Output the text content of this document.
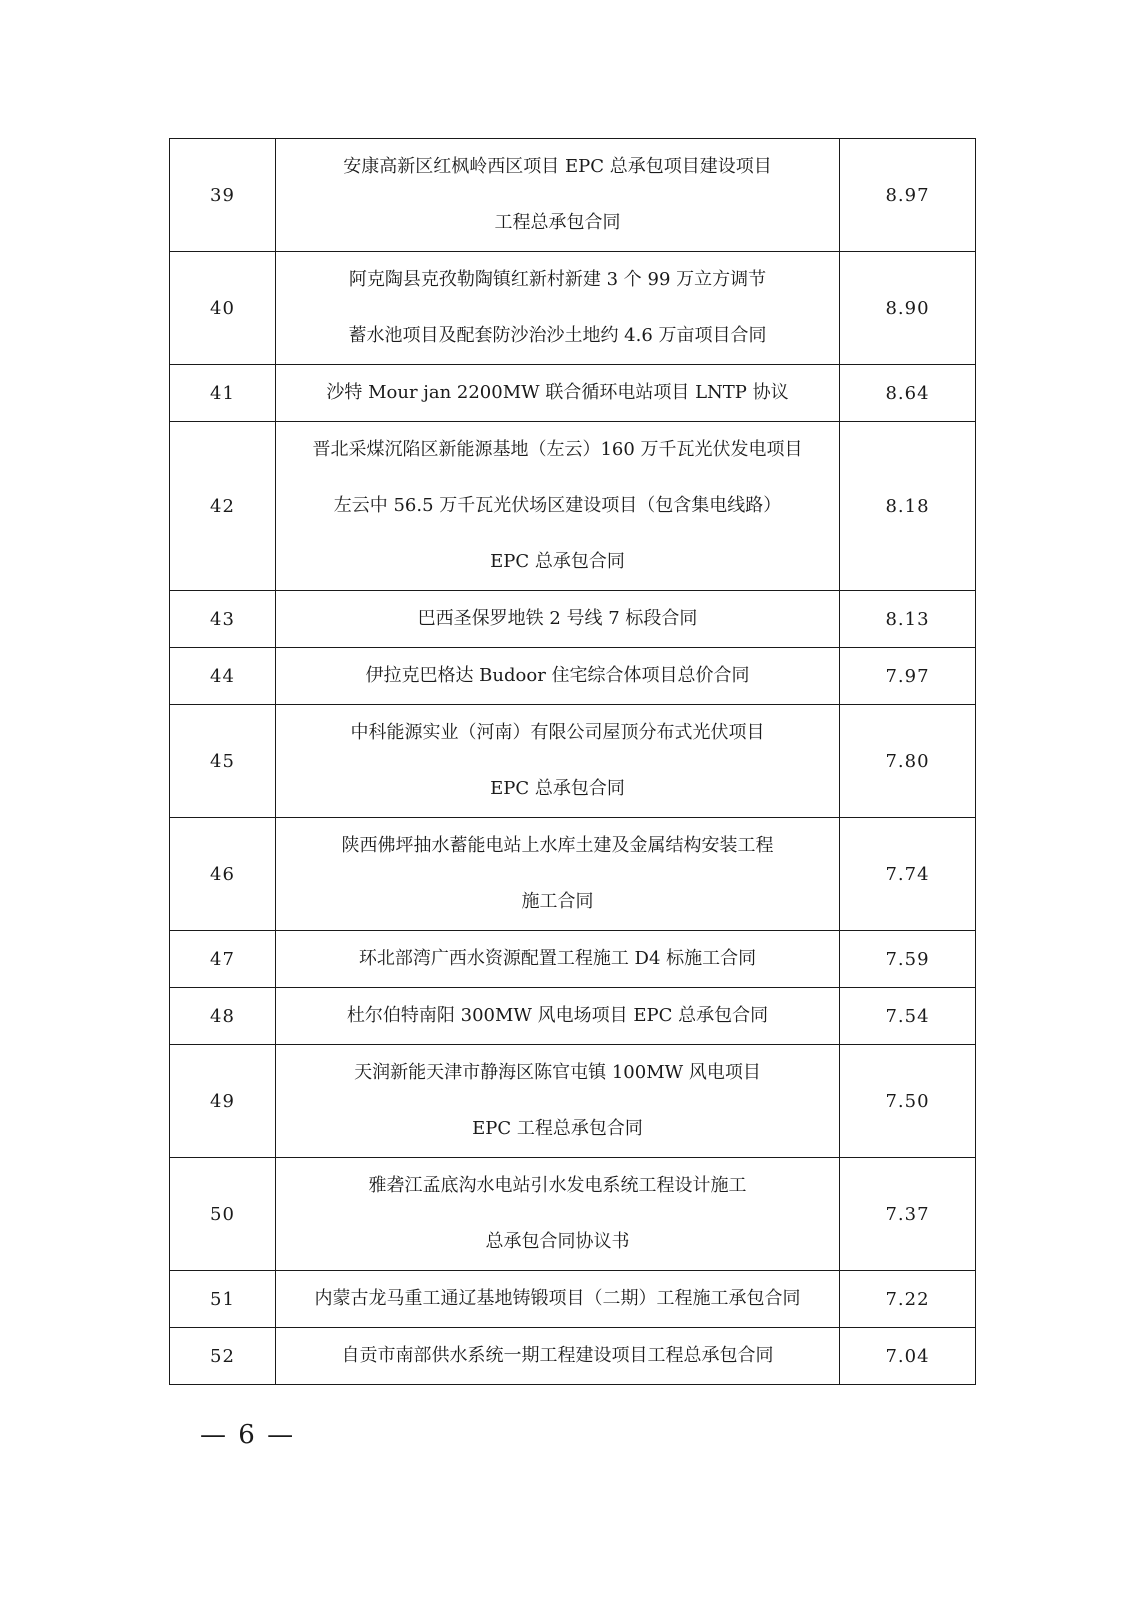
39	安康高新区红枫岭西区项目 EPC 总承包项目建设项目
工程总承包合同	8.97
40	阿克陶县克孜勒陶镇红新村新建 3 个 99 万立方调节
蓄水池项目及配套防沙治沙土地约 4.6 万亩项目合同	8.90
41	沙特 Mour jan 2200MW 联合循环电站项目 LNTP 协议	8.64
42	晋北采煤沉陷区新能源基地（左云）160 万千瓦光伏发电项目
左云中 56.5 万千瓦光伏场区建设项目（包含集电线路）
EPC 总承包合同	8.18
43	巴西圣保罗地铁 2 号线 7 标段合同	8.13
44	伊拉克巴格达 Budoor 住宅综合体项目总价合同	7.97
45	中科能源实业（河南）有限公司屋顶分布式光伏项目
EPC 总承包合同	7.80
46	陕西佛坪抽水蓄能电站上水库土建及金属结构安装工程
施工合同	7.74
47	环北部湾广西水资源配置工程施工 D4 标施工合同	7.59
48	杜尔伯特南阳 300MW 风电场项目 EPC 总承包合同	7.54
49	天润新能天津市静海区陈官屯镇 100MW 风电项目
EPC 工程总承包合同	7.50
50	雅砻江孟底沟水电站引水发电系统工程设计施工
总承包合同协议书	7.37
51	内蒙古龙马重工通辽基地铸锻项目（二期）工程施工承包合同	7.22
52	自贡市南部供水系统一期工程建设项目工程总承包合同	7.04
— 6 —
